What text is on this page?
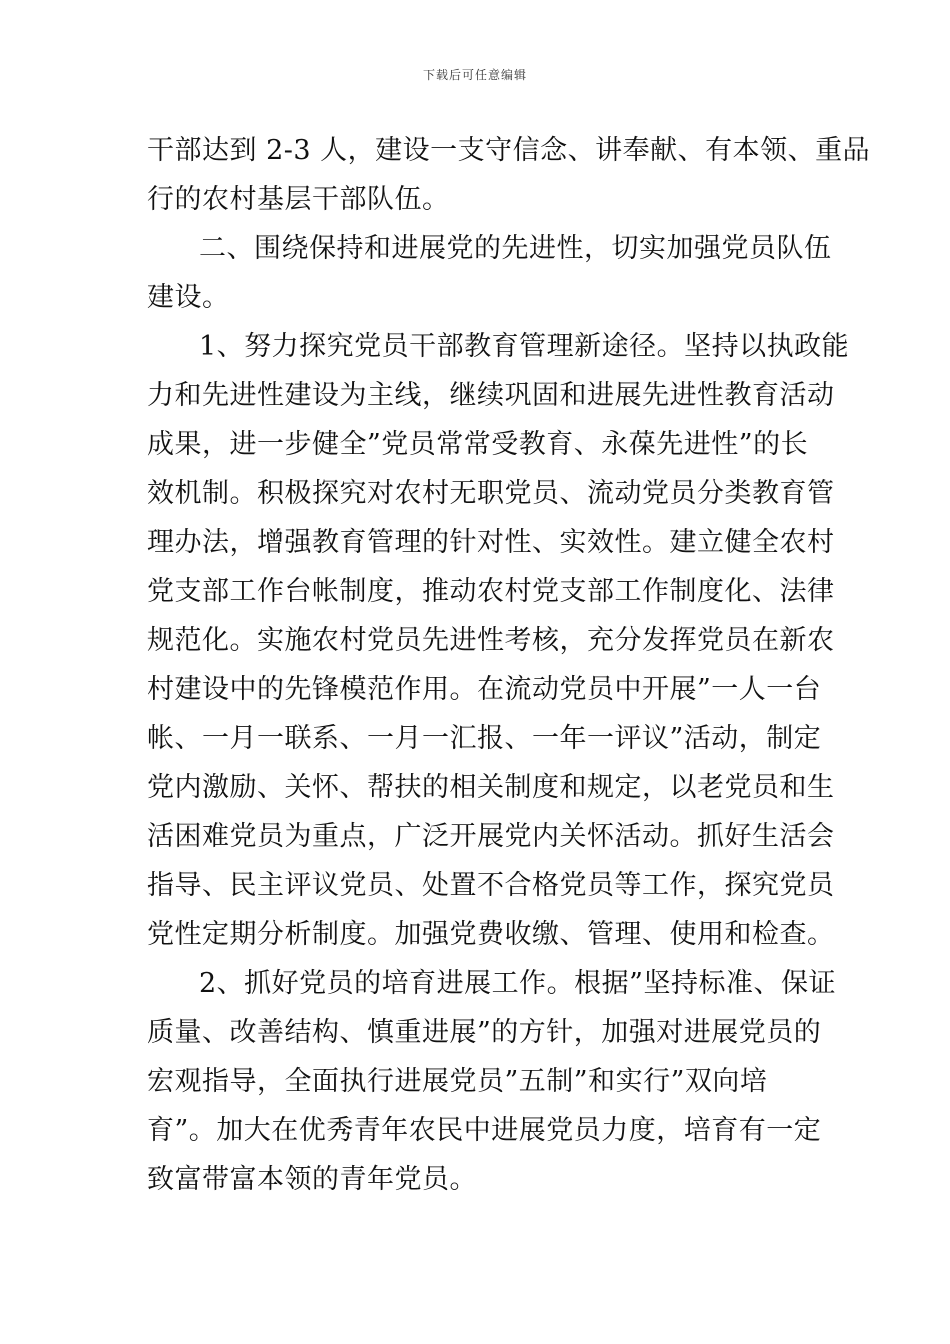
下载后可任意编辑
干部达到 2-3 人，建设一支守信念、讲奉献、有本领、重品
行的农村基层干部队伍。
二、围绕保持和进展党的先进性，切实加强党员队伍
建设。
1、努力探究党员干部教育管理新途径。坚持以执政能
力和先进性建设为主线，继续巩固和进展先进性教育活动
成果，进一步健全”党员常常受教育、永葆先进性”的长
效机制。积极探究对农村无职党员、流动党员分类教育管
理办法，增强教育管理的针对性、实效性。建立健全农村
党支部工作台帐制度，推动农村党支部工作制度化、法律
规范化。实施农村党员先进性考核，充分发挥党员在新农
村建设中的先锋模范作用。在流动党员中开展”一人一台
帐、一月一联系、一月一汇报、一年一评议”活动，制定
党内激励、关怀、帮扶的相关制度和规定，以老党员和生
活困难党员为重点，广泛开展党内关怀活动。抓好生活会
指导、民主评议党员、处置不合格党员等工作，探究党员
党性定期分析制度。加强党费收缴、管理、使用和检查。
2、抓好党员的培育进展工作。根据”坚持标准、保证
质量、改善结构、慎重进展”的方针，加强对进展党员的
宏观指导，全面执行进展党员”五制”和实行”双向培
育”。加大在优秀青年农民中进展党员力度，培育有一定
致富带富本领的青年党员。
